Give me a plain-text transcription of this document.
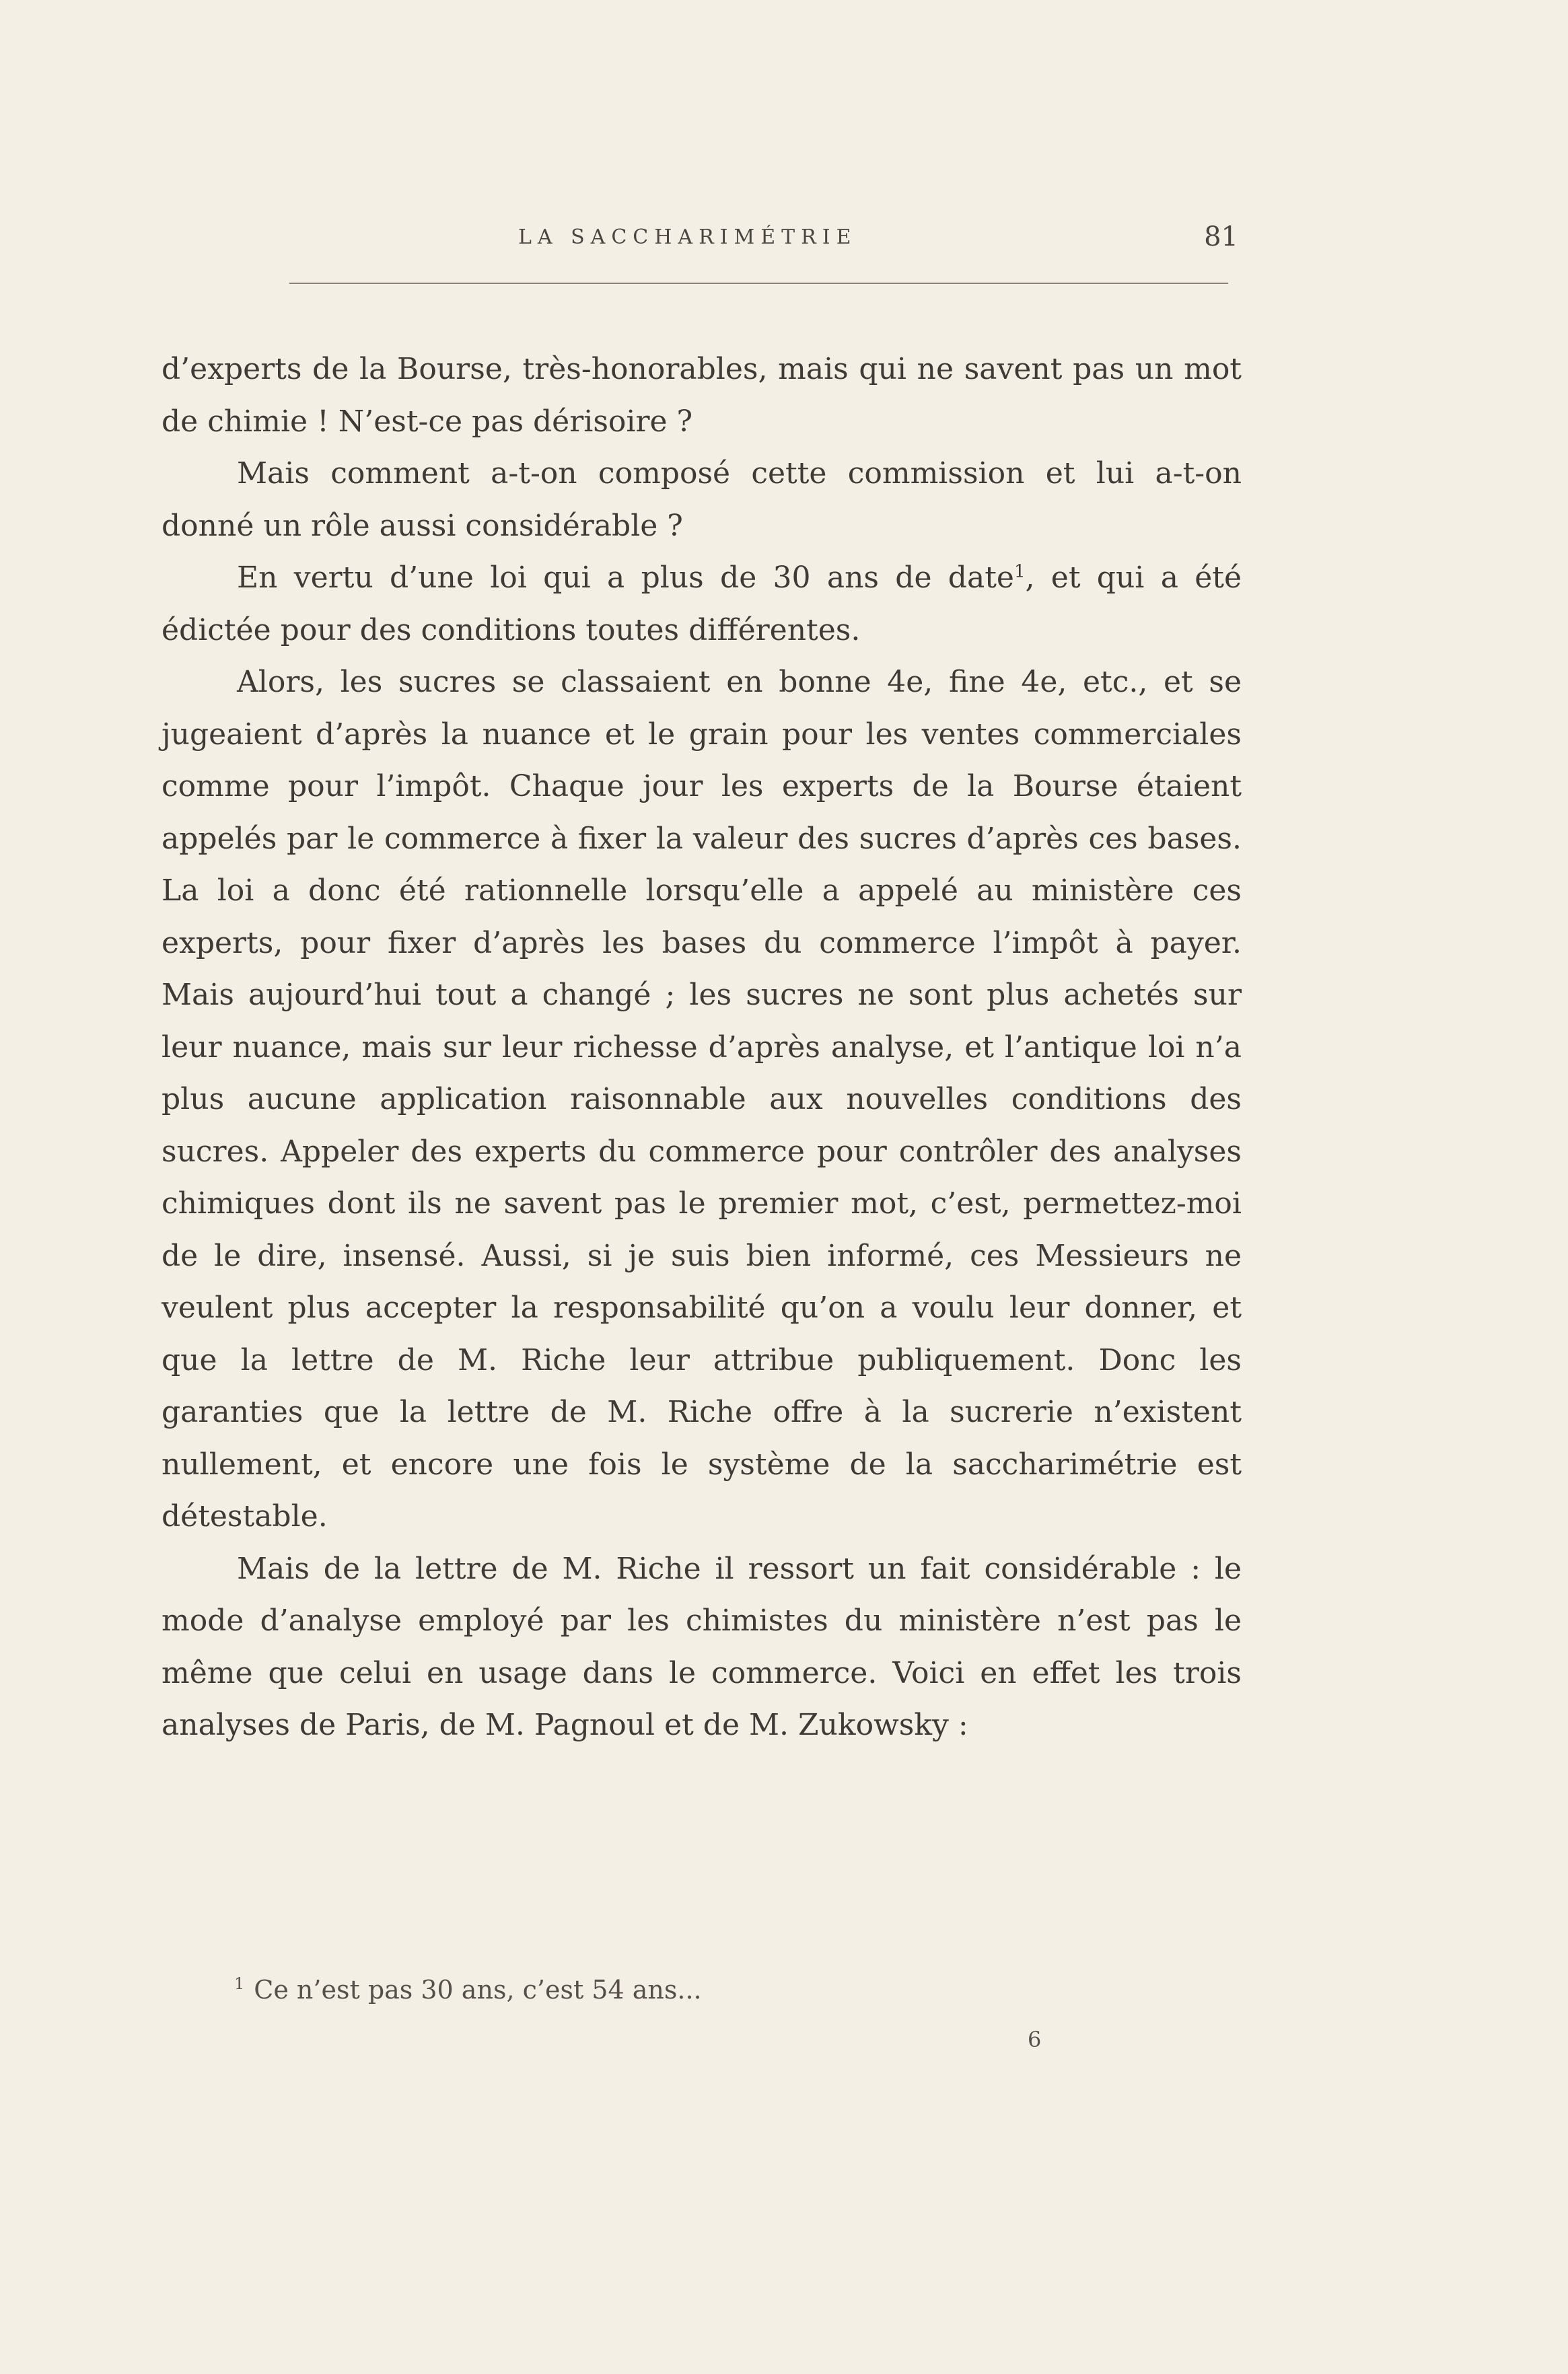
LA SACCHARIMÉTRIE	81

d’experts de la Bourse, très-honorables, mais qui ne savent pas un mot de chimie ! N’est-ce pas dérisoire ?

Mais comment a-t-on composé cette commission et lui a-t-on donné un rôle aussi considérable ?

En vertu d’une loi qui a plus de 30 ans de date$^1$, et qui a été édictée pour des conditions toutes différentes.

Alors, les sucres se classaient en bonne 4e, fine 4e, etc., et se jugeaient d’après la nuance et le grain pour les ventes commerciales comme pour l’impôt. Chaque jour les experts de la Bourse étaient appelés par le commerce à fixer la valeur des sucres d’après ces bases. La loi a donc été rationnelle lorsqu’elle a appelé au ministère ces experts, pour fixer d’après les bases du commerce l’impôt à payer. Mais aujourd’hui tout a changé ; les sucres ne sont plus achetés sur leur nuance, mais sur leur richesse d’après analyse, et l’antique loi n’a plus aucune application raisonnable aux nouvelles conditions des sucres. Appeler des experts du commerce pour contrôler des analyses chimiques dont ils ne savent pas le premier mot, c’est, permettez-moi de le dire, insensé. Aussi, si je suis bien informé, ces Messieurs ne veulent plus accepter la responsabilité qu’on a voulu leur donner, et que la lettre de M. Riche leur attribue publiquement. Donc les garanties que la lettre de M. Riche offre à la sucrerie n’existent nullement, et encore une fois le système de la saccharimétrie est détestable.

Mais de la lettre de M. Riche il ressort un fait considérable : le mode d’analyse employé par les chimistes du ministère n’est pas le même que celui en usage dans le commerce. Voici en effet les trois analyses de Paris, de M. Pagnoul et de M. Zukowsky :

$^1$ Ce n’est pas 30 ans, c’est 54 ans...
6
